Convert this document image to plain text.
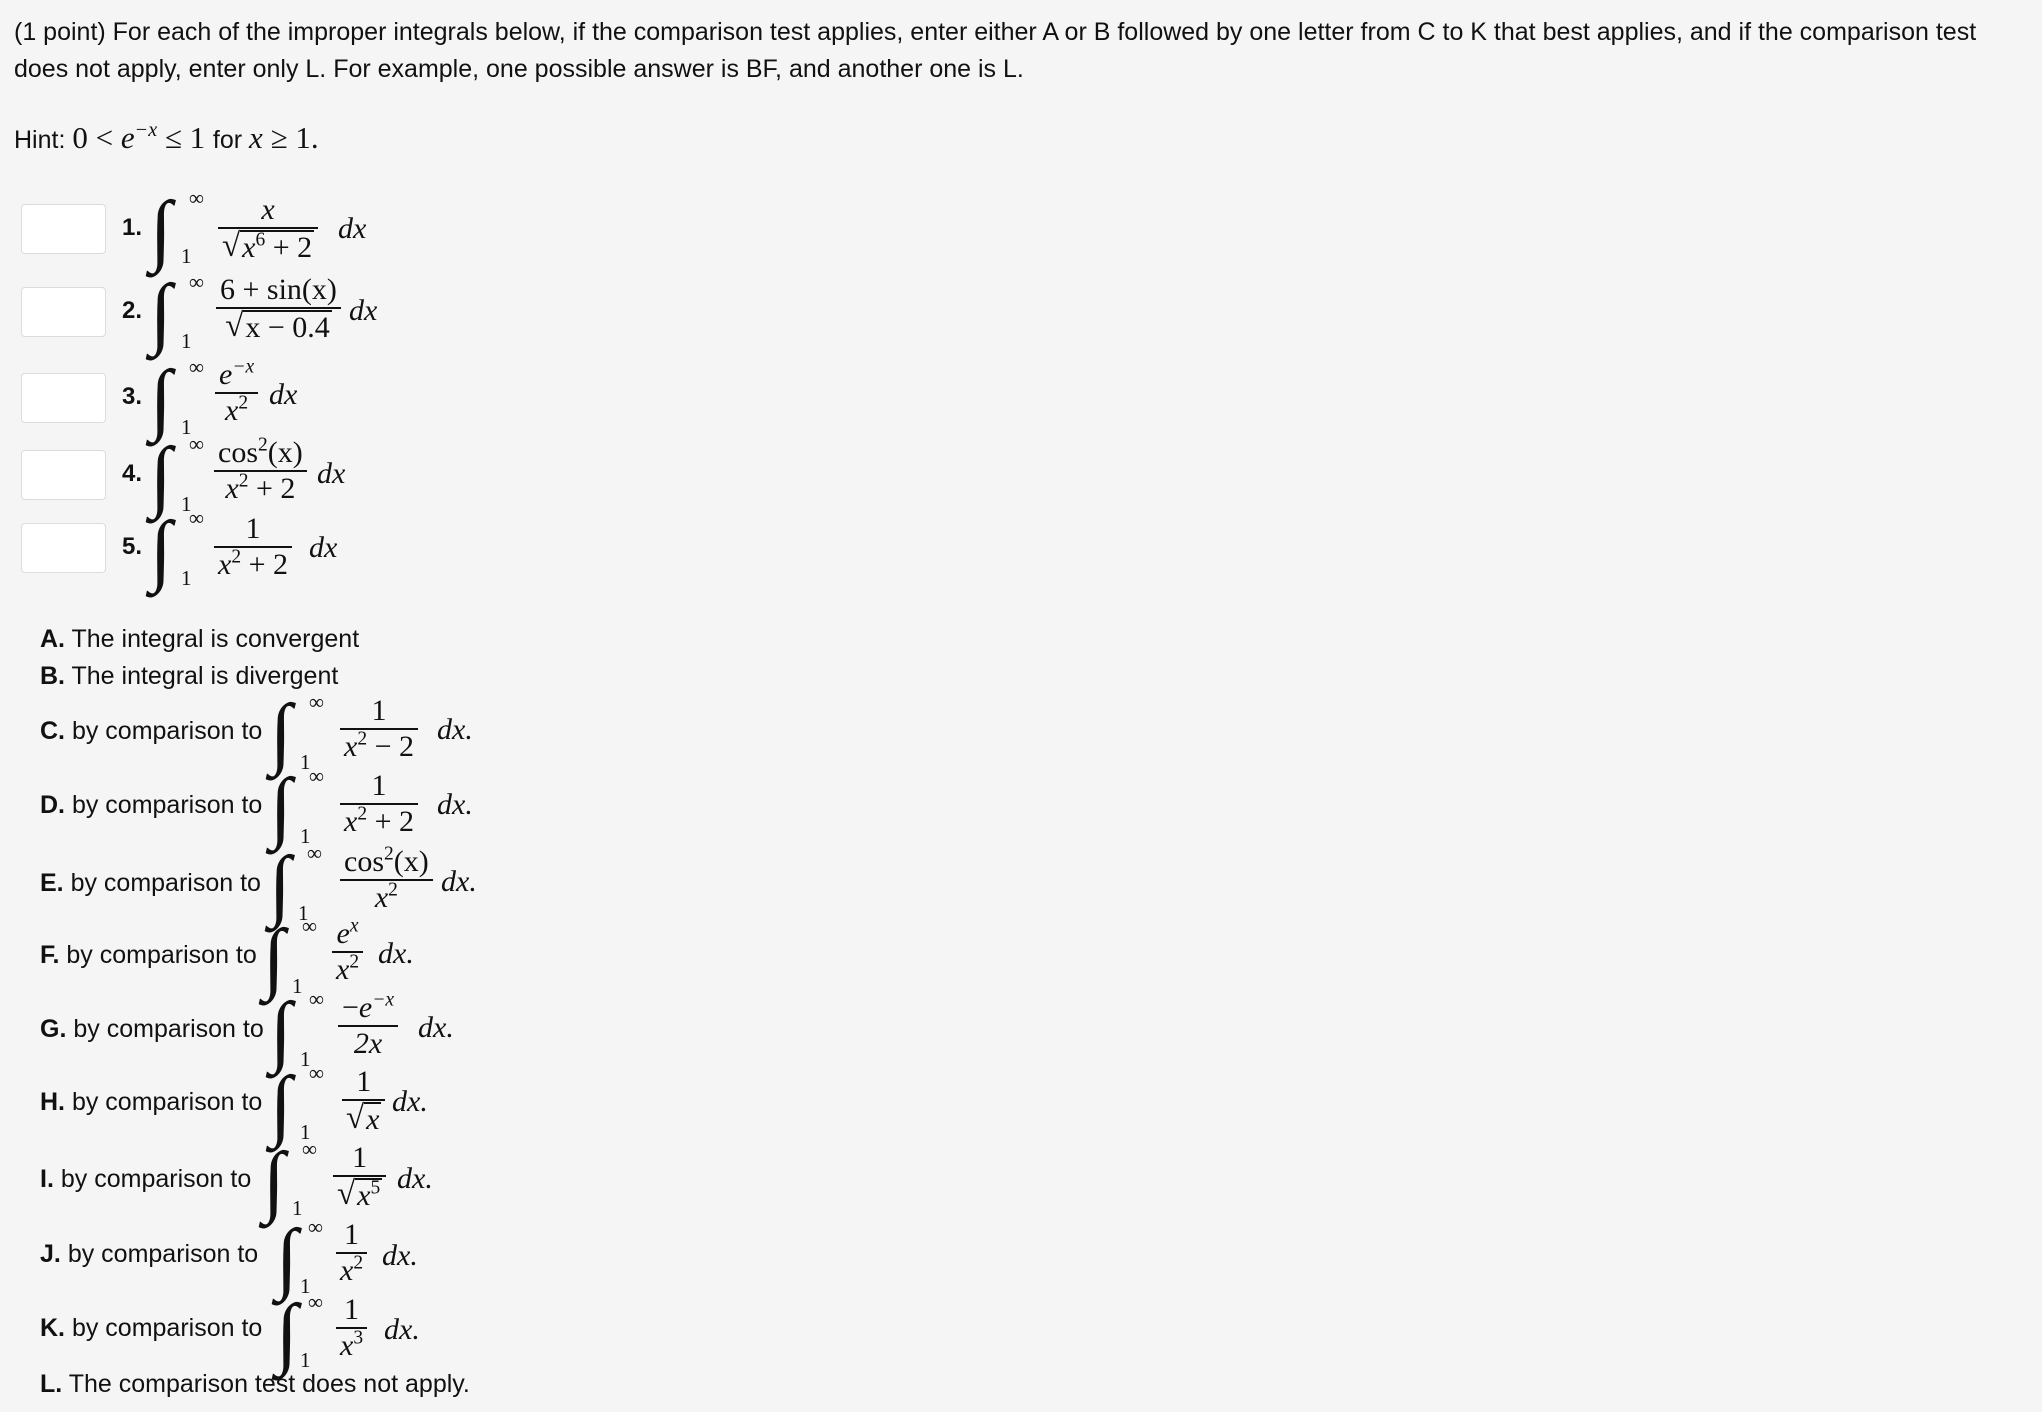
(1 point) For each of the improper integrals below, if the comparison test applies, enter either A or B followed by one letter from C to K that best applies, and if the comparison test does not apply, enter only L. For example, one possible answer is BF, and another one is L.
Hint: $0 < e^{-x} \le 1$ for x ≥ 1.
1. ∫ ∞
1
x
√ $x^6 + 2$
dx
2. ∫ ∞
1
6 + sin(x)
√ x − 0.4 dx
3. ∫ ∞
1
$e^{-x}$
$x^2$ dx
4. ∫ ∞
1
$\cos^2(x)$
$x^2 + 2$ dx
5. ∫ ∞
1
1
$x^2 + 2$ dx
A. The integral is convergent
B. The integral is divergent
C. by comparison to ∫ ∞
1
1
$x^2 - 2$ dx.
D. by comparison to ∫ ∞
1
1
$x^2 + 2$ dx.
E. by comparison to ∫ ∞
1
$\cos^2(x)$
$x^2$ dx.
F. by comparison to ∫ ∞
1
$e^x$
$x^2$ dx.
G. by comparison to ∫ ∞
1
$-e^{-x}$
2x dx.
H. by comparison to ∫ ∞
1
1
√ x
dx.
I. by comparison to ∫ ∞
1
1
√ $x^5$ dx.
J. by comparison to ∫ ∞
1
1
$x^2$ dx.
K. by comparison to ∫ ∞
1
1
$x^3$ dx.
L. The comparison test does not apply.
